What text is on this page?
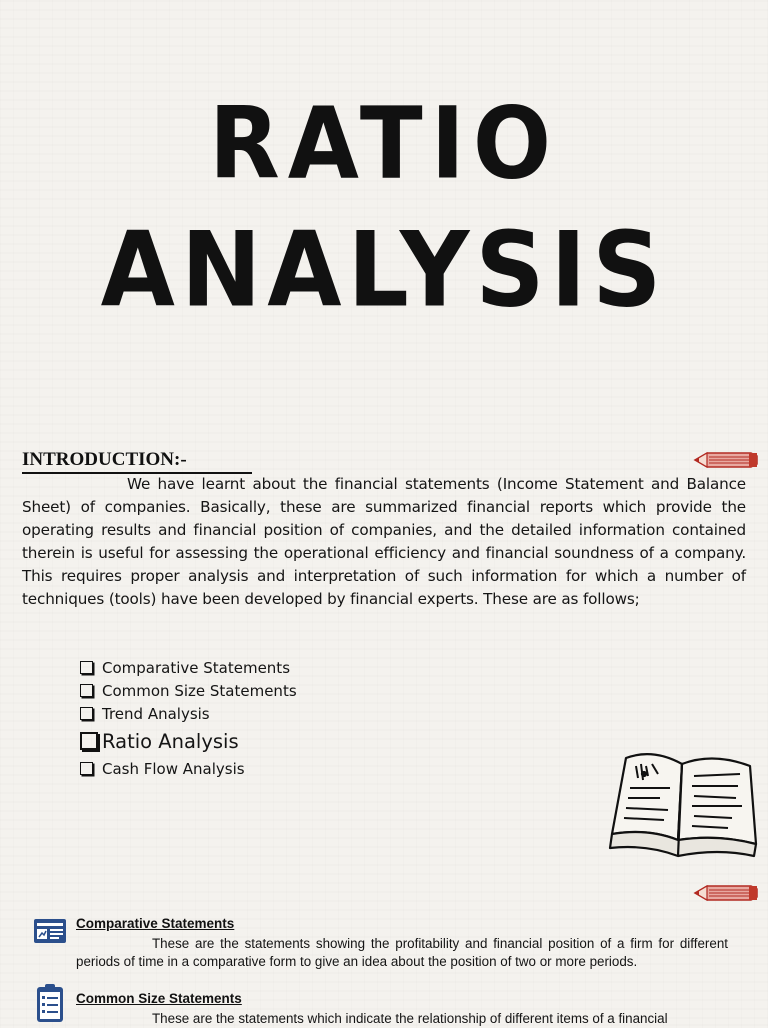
RATIO
ANALYSIS
INTRODUCTION:-

We have learnt about the financial statements (Income Statement and Balance Sheet) of companies. Basically, these are summarized financial reports which provide the operating results and financial position of companies, and the detailed information contained therein is useful for assessing the operational efficiency and financial soundness of a company. This requires proper analysis and interpretation of such information for which a number of techniques (tools) have been developed by financial experts. These are as follows;

Comparative Statements
Common Size Statements
Trend Analysis
Ratio Analysis
Cash Flow Analysis
Comparative Statements

These are the statements showing the profitability and financial position of a firm for different periods of time in a comparative form to give an idea about the position of two or more periods.

Common Size Statements

These are the statements which indicate the relationship of different items of a financial
